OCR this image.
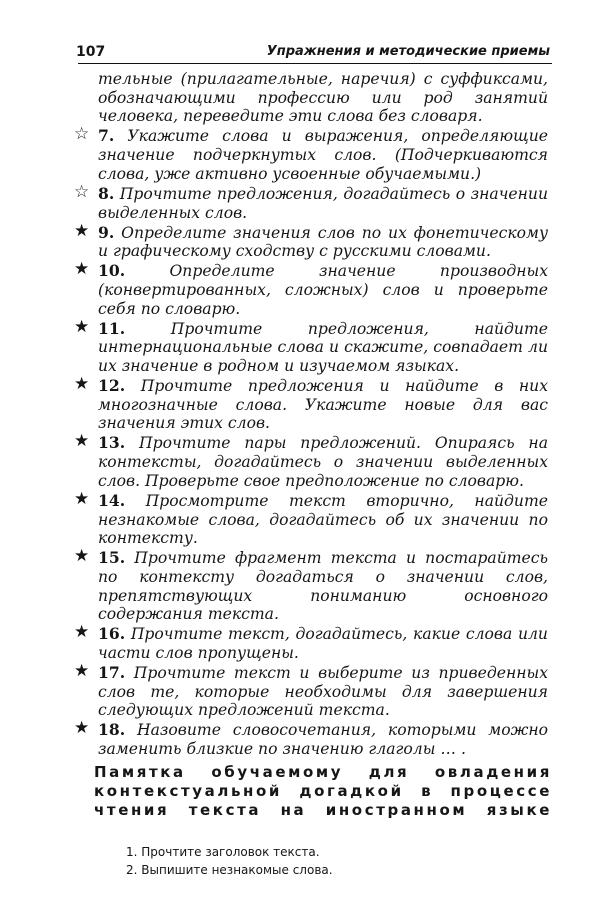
107	Упражнения и методические приемы

тельные (прилагательные, наречия) с суффиксами, обозначающими профессию или род занятий человека, переведите эти слова без словаря.

☆ 7. Укажите слова и выражения, определяющие значение подчеркнутых слов. (Подчеркиваются слова, уже активно усвоенные обучаемыми.)

☆ 8. Прочтите предложения, догадайтесь о значении выделенных слов.

★ 9. Определите значения слов по их фонетическому и графическому сходству с русскими словами.

★ 10.	Определите значение производных (конвертированных, сложных) слов и проверьте себя по словарю.

★ 11.	Прочтите предложения, найдите интернациональные слова и скажите, совпадает ли их значение в родном и изучаемом языках.

★ 12. Прочтите предложения и найдите в них многозначные слова. Укажите новые для вас значения этих слов.

★ 13. Прочтите пары предложений. Опираясь на контексты, догадайтесь о значении выделенных слов. Проверьте свое предположение по словарю.

★ 14. Просмотрите текст вторично, найдите незнакомые слова, догадайтесь об их значении по контексту.

★ 15. Прочтите фрагмент текста и постарайтесь по контексту догадаться о значении слов, препятствующих пониманию основного содержания текста.

★ 16. Прочтите текст, догадайтесь, какие слова или части слов пропущены.

★ 17. Прочтите текст и выберите из приведенных слов те, которые необходимы для завершения следующих предложений текста.

★ 18. Назовите словосочетания, которыми можно заменить близкие по значению глаголы … .

Памятка обучаемому для овладения контекстуальной догадкой в процессе чтения текста на иностранном языке
1. Прочтите заголовок текста.
2. Выпишите незнакомые слова.
